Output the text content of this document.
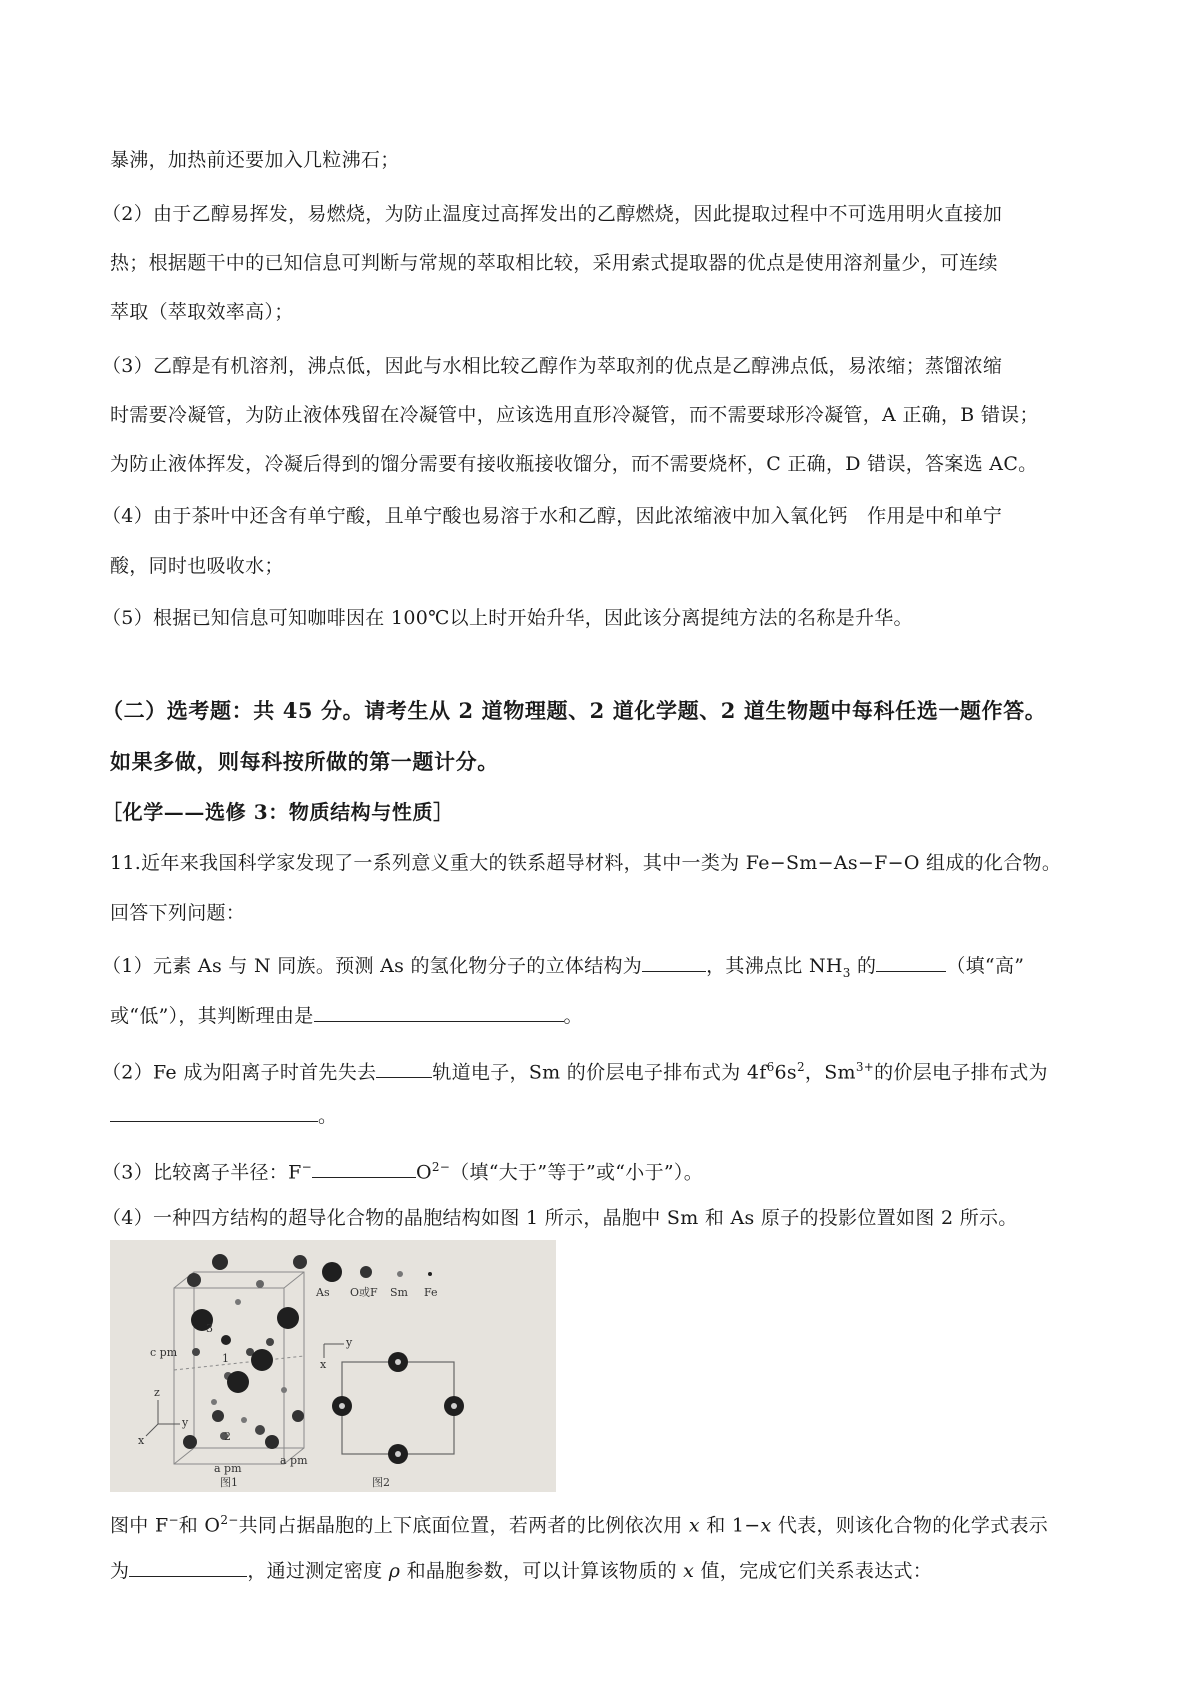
暴沸，加热前还要加入几粒沸石；
（2）由于乙醇易挥发，易燃烧，为防止温度过高挥发出的乙醇燃烧，因此提取过程中不可选用明火直接加
热；根据题干中的已知信息可判断与常规的萃取相比较，采用索式提取器的优点是使用溶剂量少，可连续
萃取（萃取效率高）；
（3）乙醇是有机溶剂，沸点低，因此与水相比较乙醇作为萃取剂的优点是乙醇沸点低，易浓缩；蒸馏浓缩
时需要冷凝管，为防止液体残留在冷凝管中，应该选用直形冷凝管，而不需要球形冷凝管，A 正确，B 错误；
为防止液体挥发，冷凝后得到的馏分需要有接收瓶接收馏分，而不需要烧杯，C 正确，D 错误，答案选 AC。
（4）由于茶叶中还含有单宁酸，且单宁酸也易溶于水和乙醇，因此浓缩液中加入氧化钙　作用是中和单宁
酸，同时也吸收水；
（5）根据已知信息可知咖啡因在 100℃以上时开始升华，因此该分离提纯方法的名称是升华。
（二）选考题：共 45 分。请考生从 2 道物理题、2 道化学题、2 道生物题中每科任选一题作答。
如果多做，则每科按所做的第一题计分。
［化学——选修 3：物质结构与性质］
11.近年来我国科学家发现了一系列意义重大的铁系超导材料，其中一类为 Fe−Sm−As−F−O 组成的化合物。
回答下列问题：
（1）元素 As 与 N 同族。预测 As 的氢化物分子的立体结构为	，其沸点比 $NH_3$ 的	（填“高”
或“低”），其判断理由是	。
（2）Fe 成为阳离子时首先失去	轨道电子，Sm 的价层电子排布式为 $4f^66s^2$，$Sm^{3+}$的价层电子排布式为
。
（3）比较离子半径：F−	$O^{2-}$（填“大于”等于”或“小于”）。
（4）一种四方结构的超导化合物的晶胞结构如图 1 所示，晶胞中 Sm 和 As 原子的投影位置如图 2 所示。
As O或F Sm Fe
c pm
a pm
a pm
图1	图2
1
2
3
z
y
x
y
x
图中 F−和 $O^{2-}$共同占据晶胞的上下底面位置，若两者的比例依次用 x 和 1−x 代表，则该化合物的化学式表示
为	，通过测定密度 ρ 和晶胞参数，可以计算该物质的 x 值，完成它们关系表达式：
